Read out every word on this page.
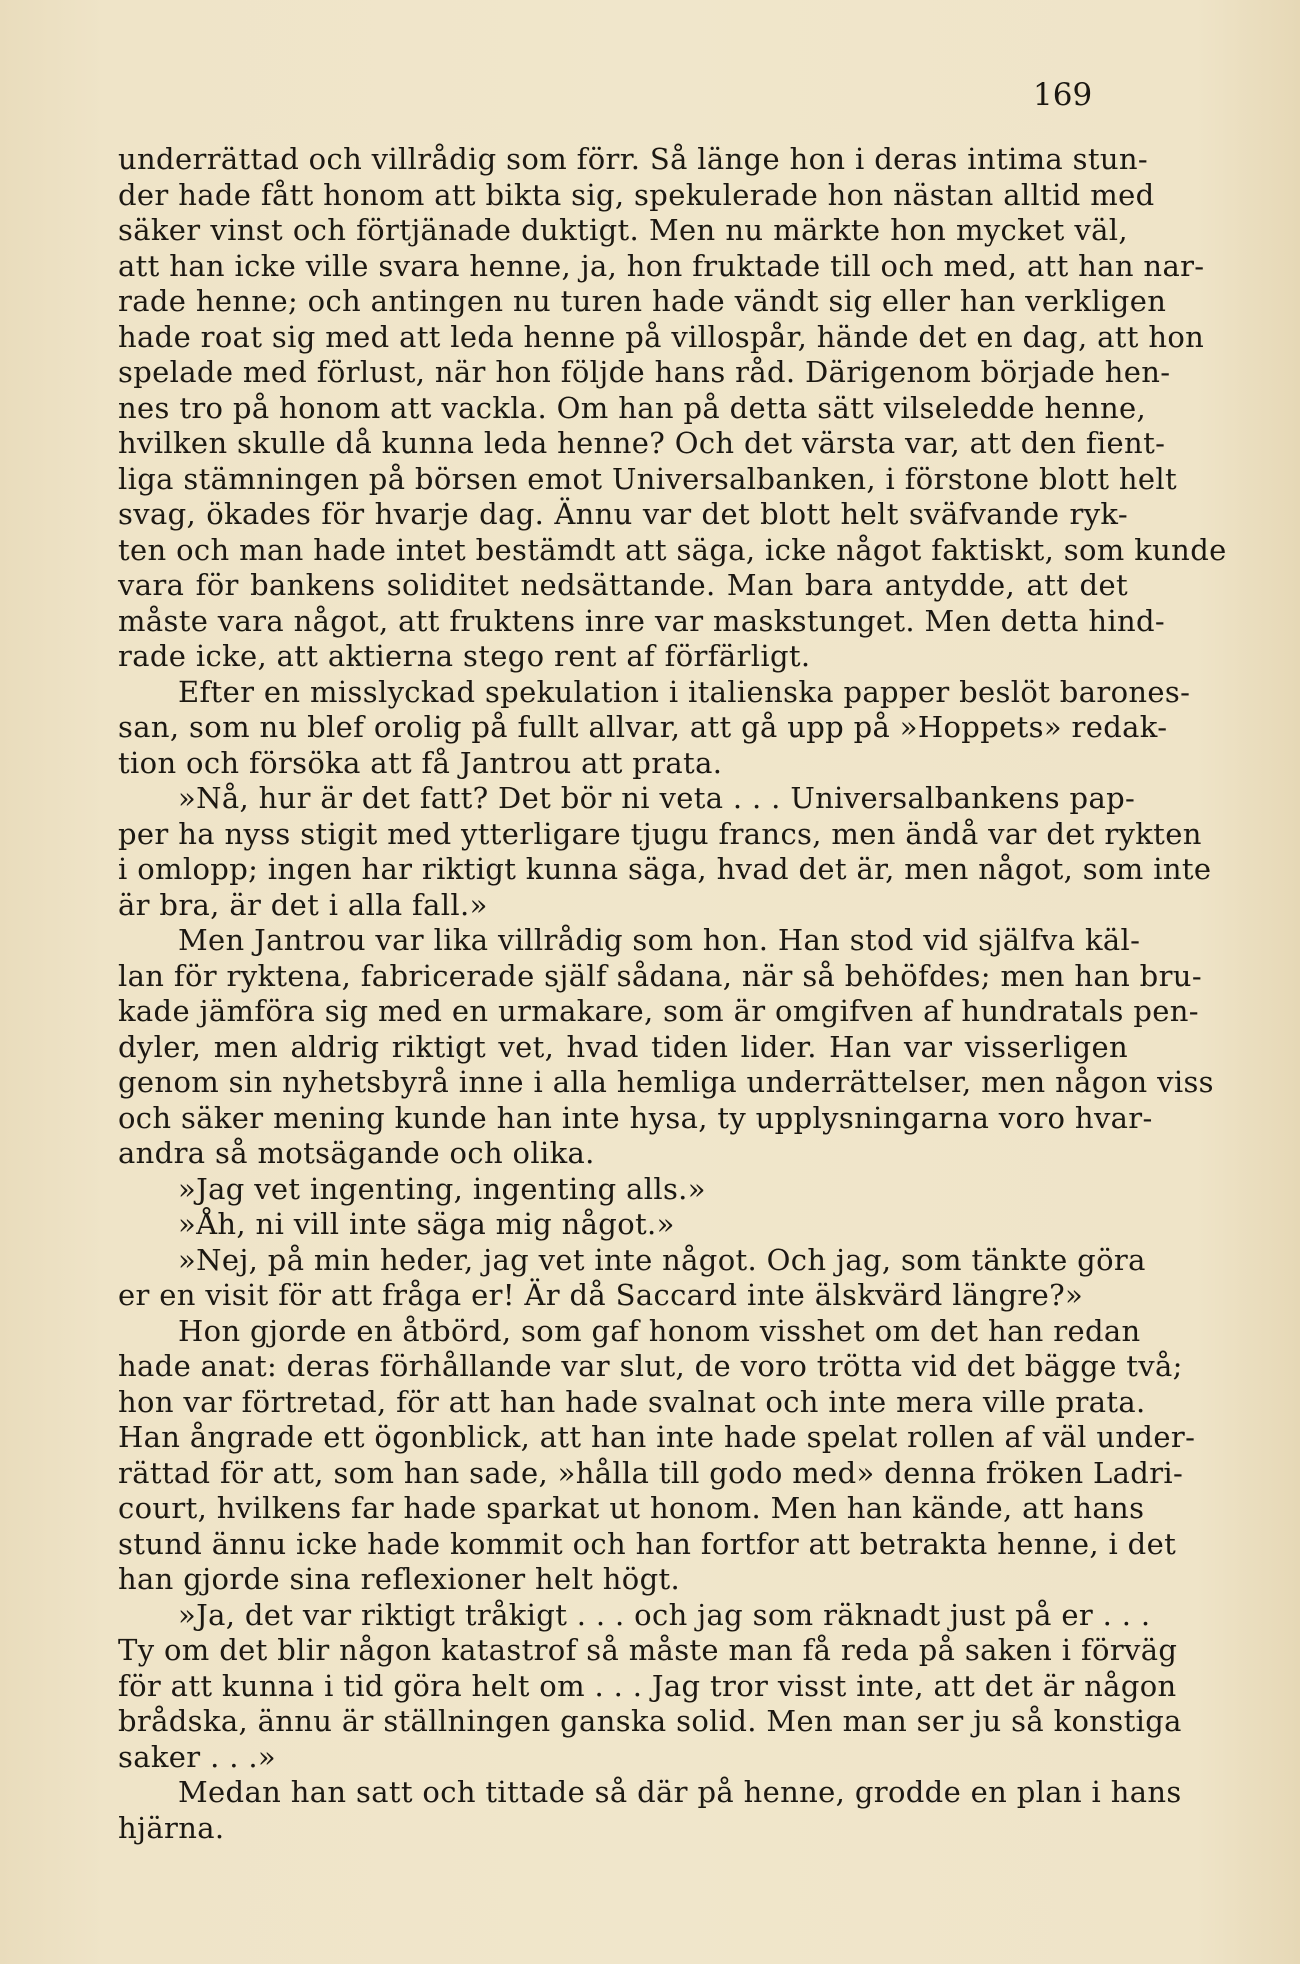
169
underrättad och villrådig som förr. Så länge hon i deras intima stun-
der hade fått honom att bikta sig, spekulerade hon nästan alltid med
säker vinst och förtjänade duktigt. Men nu märkte hon mycket väl,
att han icke ville svara henne, ja, hon fruktade till och med, att han nar-
rade henne; och antingen nu turen hade vändt sig eller han verkligen
hade roat sig med att leda henne på villospår, hände det en dag, att hon
spelade med förlust, när hon följde hans råd. Därigenom började hen-
nes tro på honom att vackla. Om han på detta sätt vilseledde henne,
hvilken skulle då kunna leda henne? Och det värsta var, att den fient-
liga stämningen på börsen emot Universalbanken, i förstone blott helt
svag, ökades för hvarje dag. Ännu var det blott helt sväfvande ryk-
ten och man hade intet bestämdt att säga, icke något faktiskt, som kunde
vara för bankens soliditet nedsättande. Man bara antydde, att det
måste vara något, att fruktens inre var maskstunget. Men detta hind-
rade icke, att aktierna stego rent af förfärligt.
Efter en misslyckad spekulation i italienska papper beslöt barones-
san, som nu blef orolig på fullt allvar, att gå upp på »Hoppets» redak-
tion och försöka att få Jantrou att prata.
»Nå, hur är det fatt? Det bör ni veta . . . Universalbankens pap-
per ha nyss stigit med ytterligare tjugu francs, men ändå var det rykten
i omlopp; ingen har riktigt kunna säga, hvad det är, men något, som inte
är bra, är det i alla fall.»
Men Jantrou var lika villrådig som hon. Han stod vid själfva käl-
lan för ryktena, fabricerade själf sådana, när så behöfdes; men han bru-
kade jämföra sig med en urmakare, som är omgifven af hundratals pen-
dyler, men aldrig riktigt vet, hvad tiden lider. Han var visserligen
genom sin nyhetsbyrå inne i alla hemliga underrättelser, men någon viss
och säker mening kunde han inte hysa, ty upplysningarna voro hvar-
andra så motsägande och olika.
»Jag vet ingenting, ingenting alls.»
»Åh, ni vill inte säga mig något.»
»Nej, på min heder, jag vet inte något. Och jag, som tänkte göra
er en visit för att fråga er! Är då Saccard inte älskvärd längre?»
Hon gjorde en åtbörd, som gaf honom visshet om det han redan
hade anat: deras förhållande var slut, de voro trötta vid det bägge två;
hon var förtretad, för att han hade svalnat och inte mera ville prata.
Han ångrade ett ögonblick, att han inte hade spelat rollen af väl under-
rättad för att, som han sade, »hålla till godo med» denna fröken Ladri-
court, hvilkens far hade sparkat ut honom. Men han kände, att hans
stund ännu icke hade kommit och han fortfor att betrakta henne, i det
han gjorde sina reflexioner helt högt.
»Ja, det var riktigt tråkigt . . . och jag som räknadt just på er . . .
Ty om det blir någon katastrof så måste man få reda på saken i förväg
för att kunna i tid göra helt om . . . Jag tror visst inte, att det är någon
brådska, ännu är ställningen ganska solid. Men man ser ju så konstiga
saker . . .»
Medan han satt och tittade så där på henne, grodde en plan i hans
hjärna.
